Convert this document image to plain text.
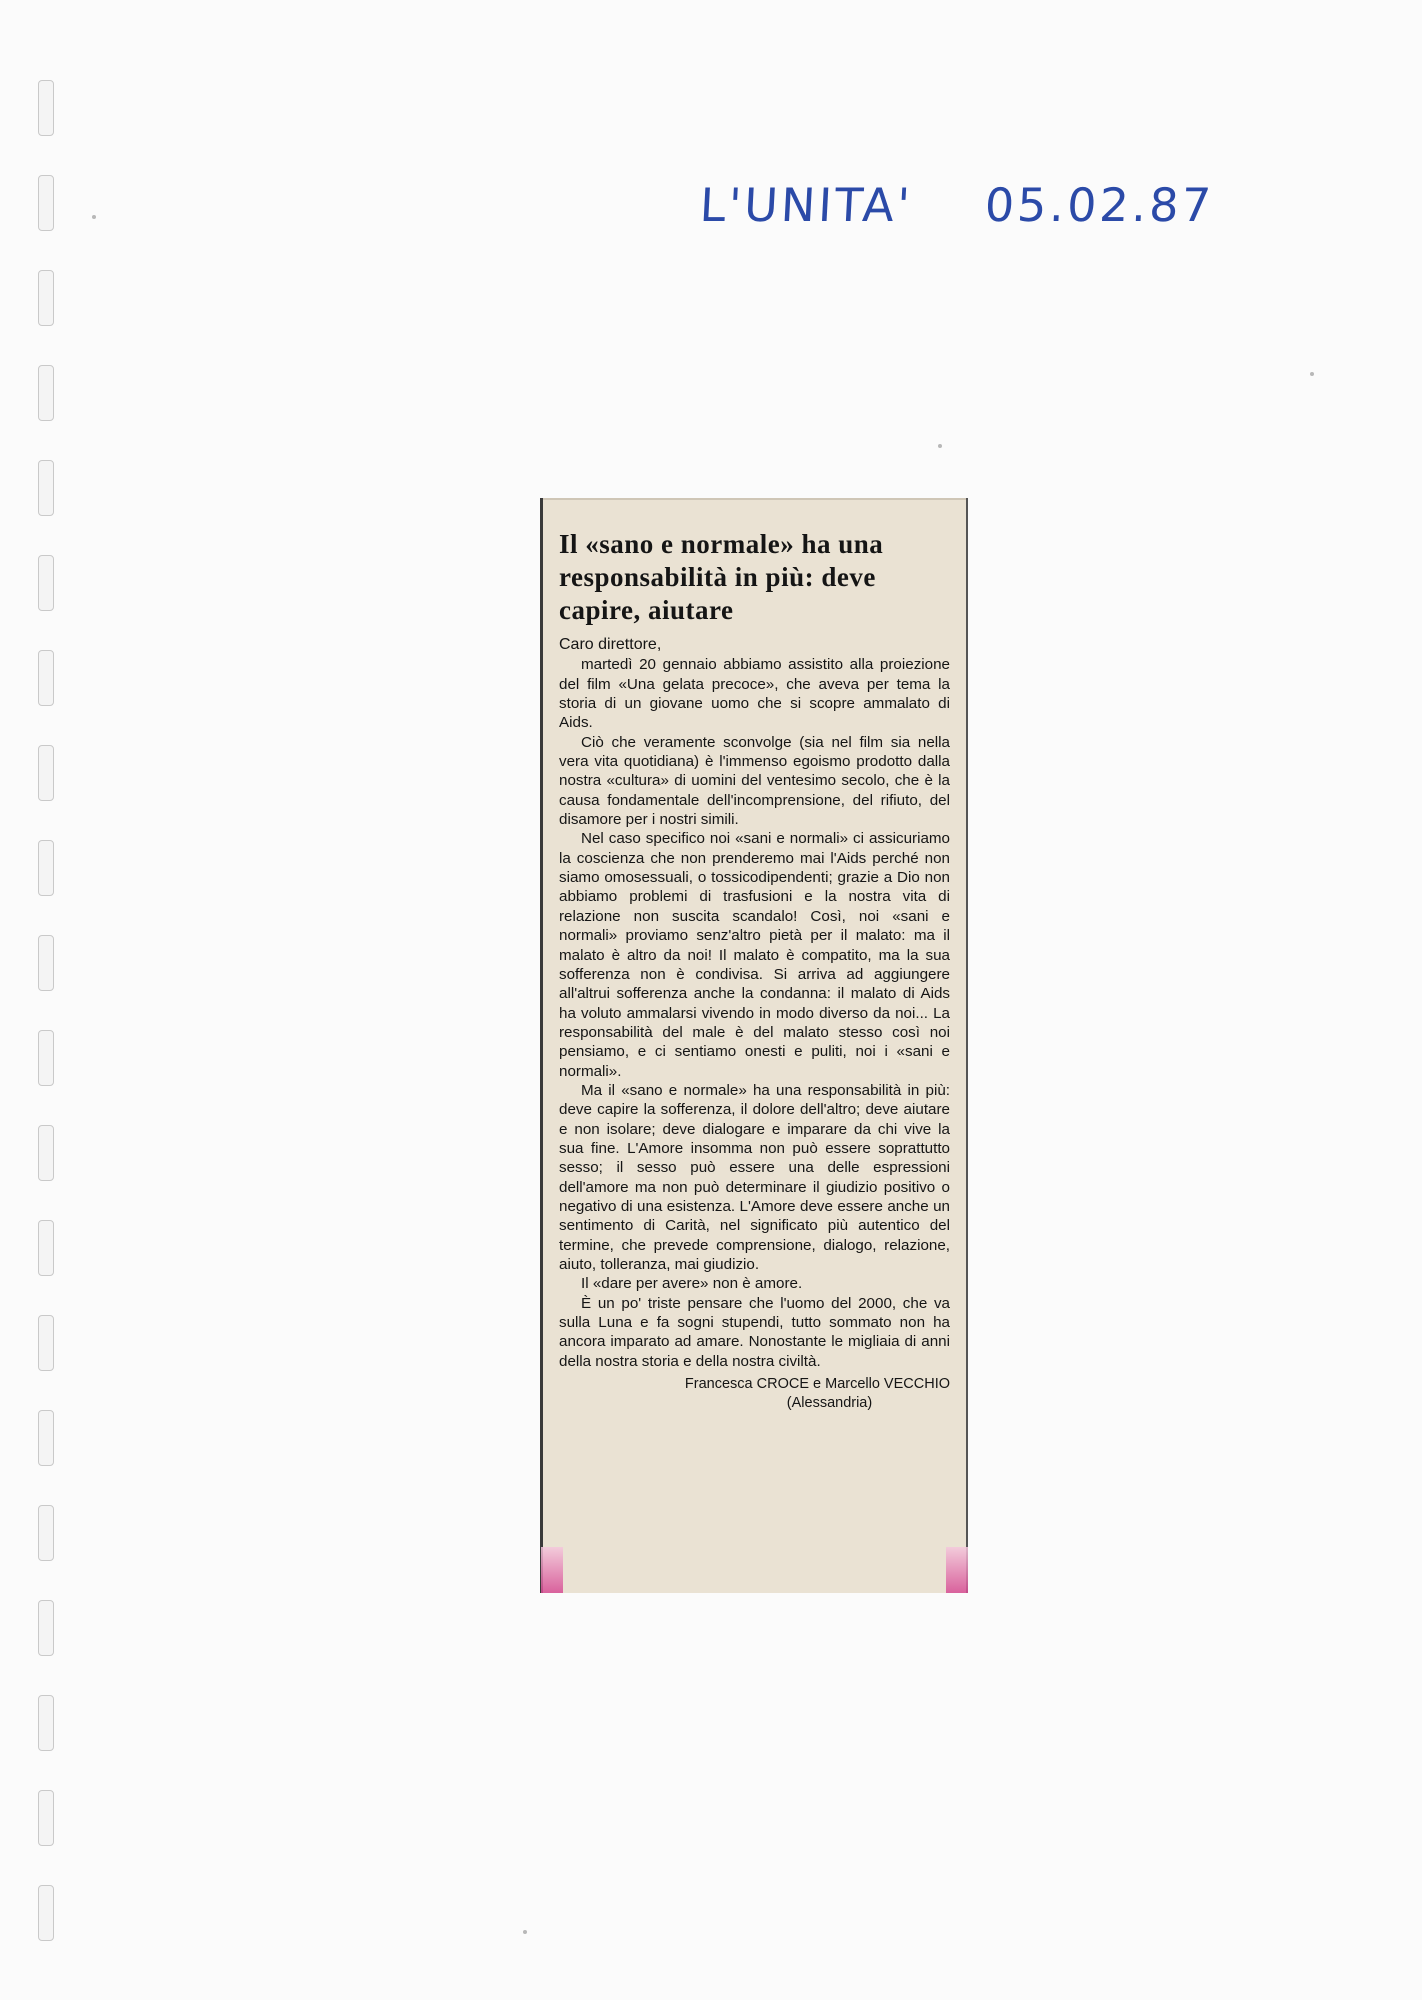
L'UNITA' 05.02.87
Il «sano e normale» ha una responsabilità in più: deve capire, aiutare
Caro direttore,

martedì 20 gennaio abbiamo assistito alla proiezione del film «Una gelata precoce», che aveva per tema la storia di un giovane uomo che si scopre ammalato di Aids.

Ciò che veramente sconvolge (sia nel film sia nella vera vita quotidiana) è l'immenso egoismo prodotto dalla nostra «cultura» di uomini del ventesimo secolo, che è la causa fondamentale dell'incomprensione, del rifiuto, del disamore per i nostri simili.

Nel caso specifico noi «sani e normali» ci assicuriamo la coscienza che non prenderemo mai l'Aids perché non siamo omosessuali, o tossicodipendenti; grazie a Dio non abbiamo problemi di trasfusioni e la nostra vita di relazione non suscita scandalo! Così, noi «sani e normali» proviamo senz'altro pietà per il malato: ma il malato è altro da noi! Il malato è compatito, ma la sua sofferenza non è condivisa. Si arriva ad aggiungere all'altrui sofferenza anche la condanna: il malato di Aids ha voluto ammalarsi vivendo in modo diverso da noi... La responsabilità del male è del malato stesso così noi pensiamo, e ci sentiamo onesti e puliti, noi i «sani e normali».

Ma il «sano e normale» ha una responsabilità in più: deve capire la sofferenza, il dolore dell'altro; deve aiutare e non isolare; deve dialogare e imparare da chi vive la sua fine. L'Amore insomma non può essere soprattutto sesso; il sesso può essere una delle espressioni dell'amore ma non può determinare il giudizio positivo o negativo di una esistenza. L'Amore deve essere anche un sentimento di Carità, nel significato più autentico del termine, che prevede comprensione, dialogo, relazione, aiuto, tolleranza, mai giudizio.

Il «dare per avere» non è amore.

È un po' triste pensare che l'uomo del 2000, che va sulla Luna e fa sogni stupendi, tutto sommato non ha ancora imparato ad amare. Nonostante le migliaia di anni della nostra storia e della nostra civiltà.

Francesca CROCE e Marcello VECCHIO
(Alessandria)
